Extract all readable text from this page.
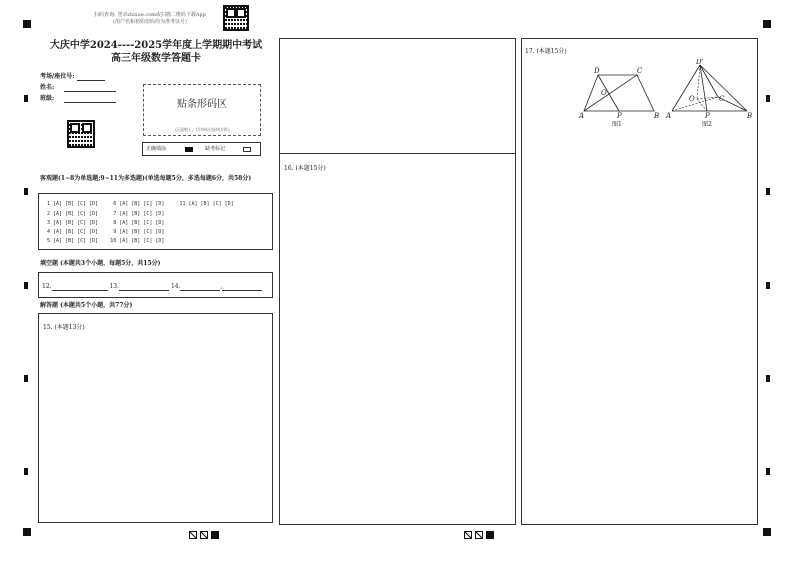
扫码查询: 登录zhixue.com或扫描二维码下载App
(用户名和初始密码均为准考证号)
大庆中学2024----2025学年度上学期期中考试
高三年级数学答题卡
考场/座位号:
姓名:
班级:
贴条形码区
(正面朝上，切勿贴出虚线方框)
正确填涂	缺考标记
客观题(1~8为单选题;9~11为多选题)(单选每题5分，多选每题6分，共58分)
1 [A] [B] [C] [D]     6 [A] [B] [C] [D]     11 [A] [B] [C] [D]
2 [A] [B] [C] [D]     7 [A] [B] [C] [D]
3 [A] [B] [C] [D]     8 [A] [B] [C] [D]
4 [A] [B] [C] [D]     9 [A] [B] [C] [D]
5 [A] [B] [C] [D]    10 [A] [B] [C] [D]
填空题 (本题共3个小题，每题5分，共15分)
12.	13.	14.	,
解答题 (本题共5个小题，共77分)
15. (本题13分)
16. (本题15分)
17. (本题15分)
D	C
O
A	P	B
图1
D'
O	C
A	P	B
图2
